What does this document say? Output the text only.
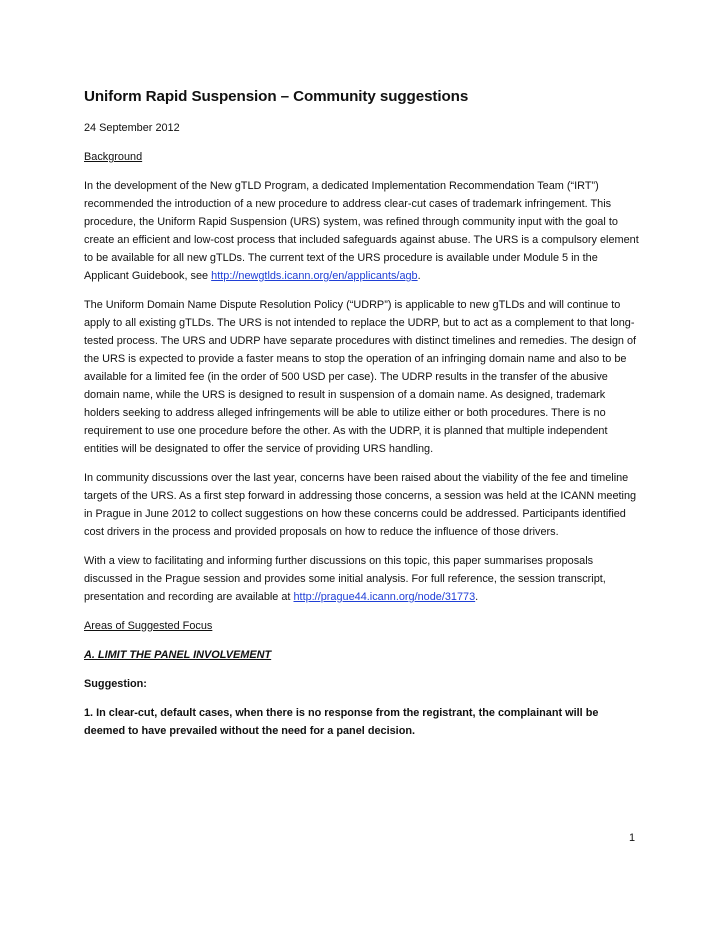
Uniform Rapid Suspension – Community suggestions

24 September 2012

Background

In the development of the New gTLD Program, a dedicated Implementation Recommendation Team (“IRT”) recommended the introduction of a new procedure to address clear-cut cases of trademark infringement. This procedure, the Uniform Rapid Suspension (URS) system, was refined through community input with the goal to create an efficient and low-cost process that included safeguards against abuse. The URS is a compulsory element to be available for all new gTLDs. The current text of the URS procedure is available under Module 5 in the Applicant Guidebook, see http://newgtlds.icann.org/en/applicants/agb.

The Uniform Domain Name Dispute Resolution Policy (“UDRP”) is applicable to new gTLDs and will continue to apply to all existing gTLDs. The URS is not intended to replace the UDRP, but to act as a complement to that long-tested process. The URS and UDRP have separate procedures with distinct timelines and remedies. The design of the URS is expected to provide a faster means to stop the operation of an infringing domain name and also to be available for a limited fee (in the order of 500 USD per case). The UDRP results in the transfer of the abusive domain name, while the URS is designed to result in suspension of a domain name. As designed, trademark holders seeking to address alleged infringements will be able to utilize either or both procedures. There is no requirement to use one procedure before the other. As with the UDRP, it is planned that multiple independent entities will be designated to offer the service of providing URS handling.

In community discussions over the last year, concerns have been raised about the viability of the fee and timeline targets of the URS. As a first step forward in addressing those concerns, a session was held at the ICANN meeting in Prague in June 2012 to collect suggestions on how these concerns could be addressed. Participants identified cost drivers in the process and provided proposals on how to reduce the influence of those drivers.

With a view to facilitating and informing further discussions on this topic, this paper summarises proposals discussed in the Prague session and provides some initial analysis. For full reference, the session transcript, presentation and recording are available at http://prague44.icann.org/node/31773.

Areas of Suggested Focus

A. LIMIT THE PANEL INVOLVEMENT

Suggestion:

1. In clear-cut, default cases, when there is no response from the registrant, the complainant will be deemed to have prevailed without the need for a panel decision.

1
